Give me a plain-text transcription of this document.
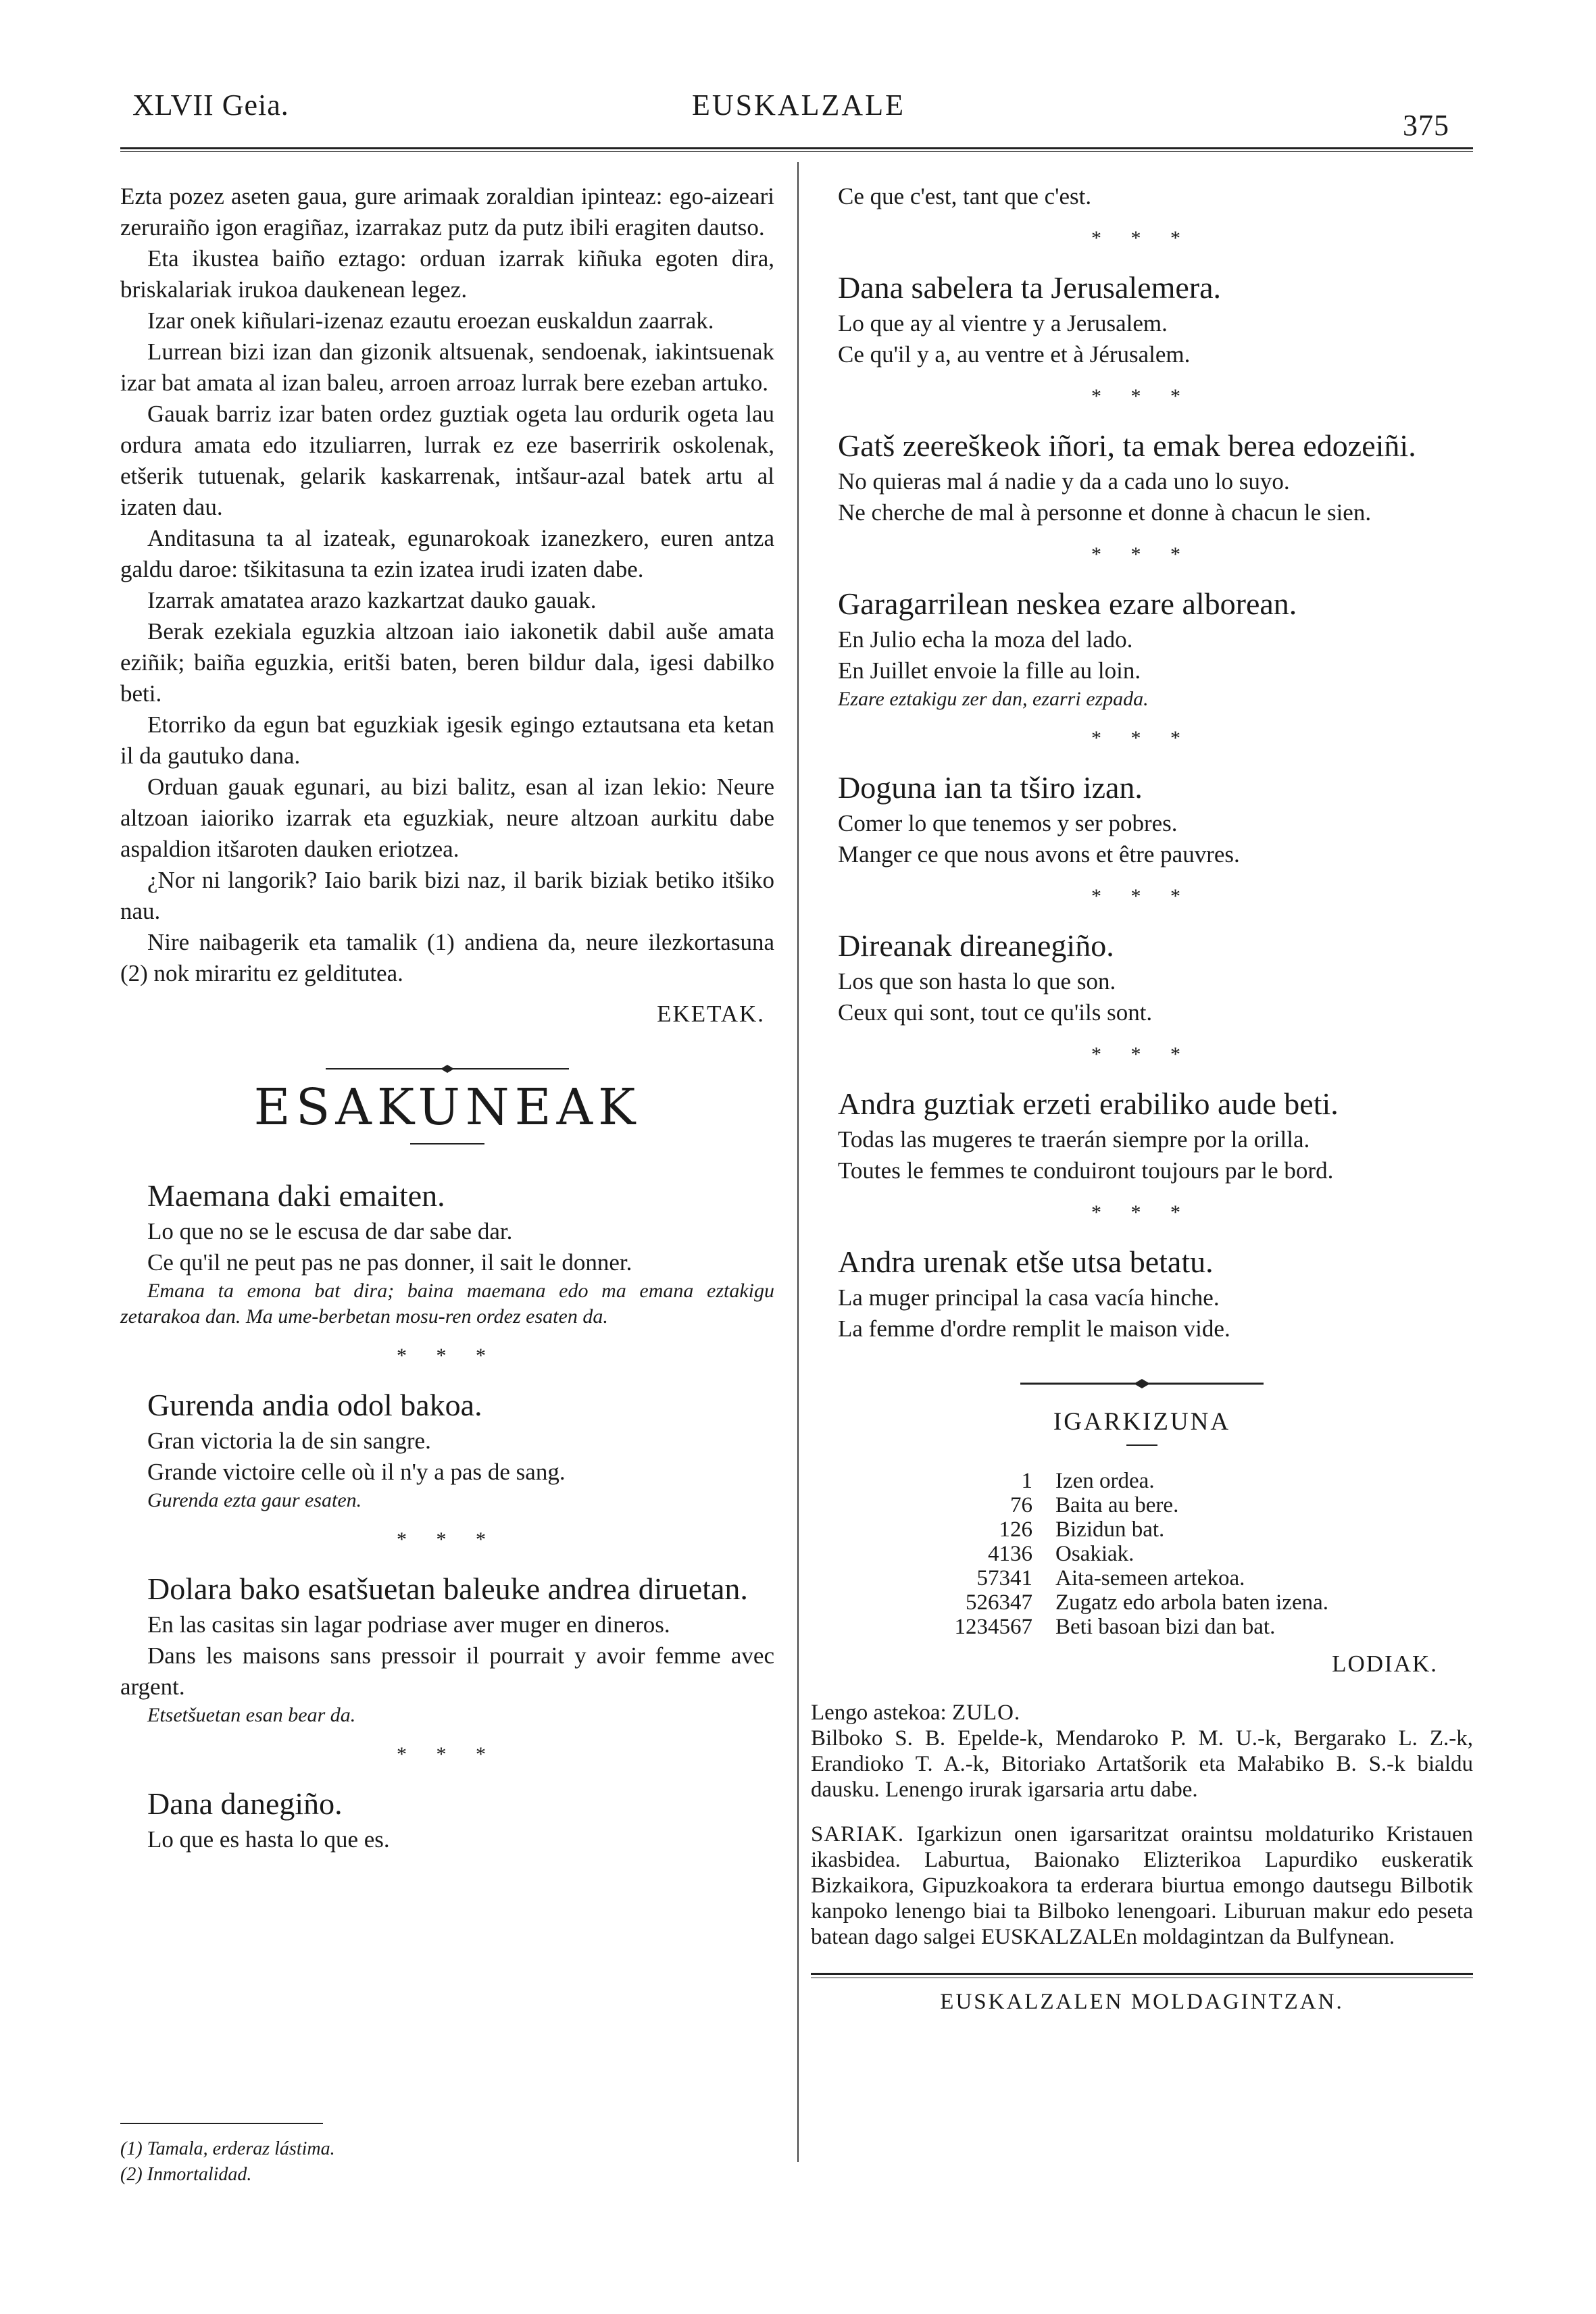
XLVII Geia.	EUSKALZALE
375

Ezta pozez aseten gaua, gure arimaak zoraldian ipinteaz: ego-aizeari zeruraiño igon eragiñaz, izarrakaz putz da putz ibiŀi eragiten dautso.

Eta ikustea baiño eztago: orduan izarrak kiñuka egoten dira, briskalariak irukoa daukenean legez.

Izar onek kiñulari-izenaz ezautu eroezan euskaldun zaarrak.

Lurrean bizi izan dan gizonik altsuenak, sendoenak, iakintsuenak izar bat amata al izan baleu, arroen arroaz lurrak bere ezeban artuko.

Gauak barriz izar baten ordez guztiak ogeta lau ordurik ogeta lau ordura amata edo itzuliarren, lurrak ez eze baserririk oskolenak, etšerik tutuenak, gelarik kaskarrenak, intšaur-azal batek artu al izaten dau.

Anditasuna ta al izateak, egunarokoak izanezkero, euren antza galdu daroe: tšikitasuna ta ezin izatea irudi izaten dabe.

Izarrak amatatea arazo kazkartzat dauko gauak.

Berak ezekiala eguzkia altzoan iaio iakonetik dabil auše amata eziñik; baiña eguzkia, eritši baten, beren bildur dala, igesi dabilko beti.

Etorriko da egun bat eguzkiak igesik egingo eztautsana eta ketan il da gautuko dana.

Orduan gauak egunari, au bizi balitz, esan al izan lekio: Neure altzoan iaioriko izarrak eta eguzkiak, neure altzoan aurkitu dabe aspaldion itšaroten dauken eriotzea.

¿Nor ni langorik? Iaio barik bizi naz, il barik biziak betiko itšiko nau.

Nire naibagerik eta tamalik (1) andiena da, neure ilezkortasuna (2) nok miraritu ez gelditutea.

EKETAK.
ESAKUNEAK
Maemana daki emaiten.

Lo que no se le escusa de dar sabe dar.

Ce qu'il ne peut pas ne pas donner, il sait le donner.

Emana ta emona bat dira; baina maemana edo ma emana eztakigu zetarakoa dan. Ma ume-berbetan mosu-ren ordez esaten da.

* * *
Gurenda andia odol bakoa.

Gran victoria la de sin sangre.

Grande victoire celle où il n'y a pas de sang.

Gurenda ezta gaur esaten.

* * *
Dolara bako esatšuetan baleuke andrea diruetan.

En las casitas sin lagar podriase aver muger en dineros.

Dans les maisons sans pressoir il pourrait y avoir femme avec argent.

Etsetšuetan esan bear da.

* * *
Dana danegiño.

Lo que es hasta lo que es.

(1) Tamala, erderaz lástima.
(2) Inmortalidad.

Ce que c'est, tant que c'est.

* * *
Dana sabelera ta Jerusalemera.

Lo que ay al vientre y a Jerusalem.

Ce qu'il y a, au ventre et à Jérusalem.

* * *
Gatš zeereškeok iñori, ta emak berea edozeiñi.

No quieras mal á nadie y da a cada uno lo suyo.

Ne cherche de mal à personne et donne à chacun le sien.

* * *
Garagarrilean neskea ezare alborean.

En Julio echa la moza del lado.

En Juillet envoie la fille au loin.

Ezare eztakigu zer dan, ezarri ezpada.

* * *
Doguna ian ta tširo izan.

Comer lo que tenemos y ser pobres.

Manger ce que nous avons et être pauvres.

* * *
Direanak direanegiño.

Los que son hasta lo que son.

Ceux qui sont, tout ce qu'ils sont.

* * *
Andra guztiak erzeti erabiliko aude beti.

Todas las mugeres te traerán siempre por la orilla.

Toutes le femmes te conduiront toujours par le bord.

* * *
Andra urenak etše utsa betatu.

La muger principal la casa vacía hinche.

La femme d'ordre remplit le maison vide.

IGARKIZUNA
1	Izen ordea.
76	Baita au bere.
126	Bizidun bat.
4136	Osakiak.
57341	Aita-semeen artekoa.
526347	Zugatz edo arbola baten izena.
1234567	Beti basoan bizi dan bat.
LODIAK.

Lengo astekoa: ZULO.

Bilboko S. B. Epelde-k, Mendaroko P. M. U.-k, Bergarako L. Z.-k, Erandioko T. A.-k, Bitoriako Artatšorik eta Maŀabiko B. S.-k bialdu dausku. Lenengo irurak igarsaria artu dabe.

SARIAK. Igarkizun onen igarsaritzat oraintsu moldaturiko Kristauen ikasbidea. Laburtua, Baionako Elizterikoa Lapurdiko euskeratik Bizkaikora, Gipuzkoakora ta erderara biurtua emongo dautsegu Bilbotik kanpoko lenengo biai ta Bilboko lenengoari. Liburuan makur edo peseta batean dago salgei EUSKALZALEn moldagintzan da Bulfynean.

EUSKALZALEN MOLDAGINTZAN.
